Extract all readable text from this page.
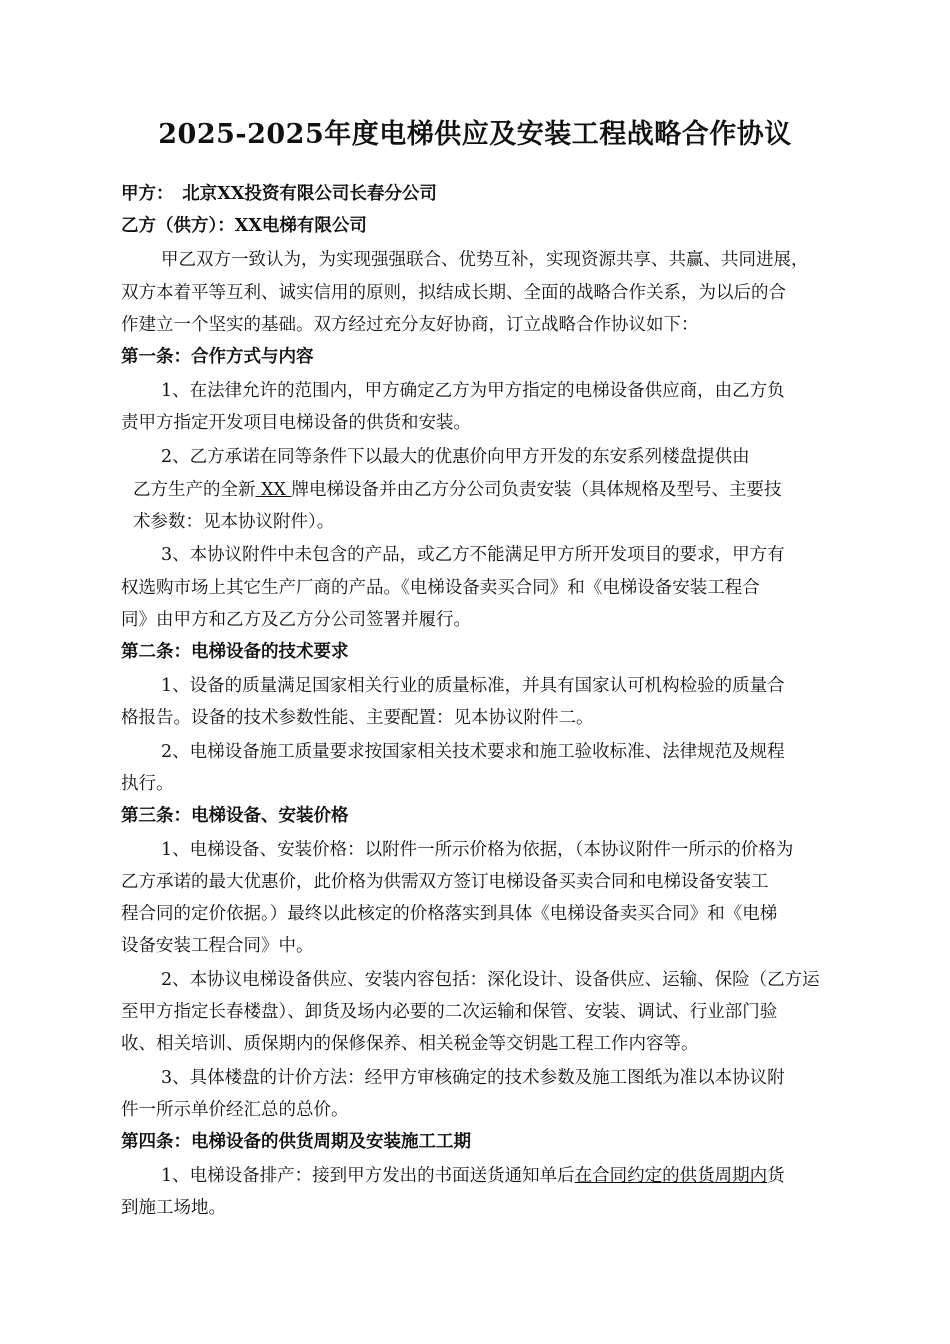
2025-2025年度电梯供应及安装工程战略合作协议
甲方：　北京XX投资有限公司长春分公司
乙方（供方）：XX电梯有限公司
甲乙双方一致认为，为实现强强联合、优势互补，实现资源共享、共赢、共同进展，
双方本着平等互利、诚实信用的原则，拟结成长期、全面的战略合作关系，为以后的合
作建立一个坚实的基础。双方经过充分友好协商，订立战略合作协议如下：
第一条：合作方式与内容
1、在法律允许的范围内，甲方确定乙方为甲方指定的电梯设备供应商，由乙方负
责甲方指定开发项目电梯设备的供货和安装。
2、乙方承诺在同等条件下以最大的优惠价向甲方开发的东安系列楼盘提供由
乙方生产的全新 XX 牌电梯设备并由乙方分公司负责安装（具体规格及型号、主要技
术参数：见本协议附件）。
3、本协议附件中未包含的产品，或乙方不能满足甲方所开发项目的要求，甲方有
权选购市场上其它生产厂商的产品。《电梯设备卖买合同》和《电梯设备安装工程合
同》由甲方和乙方及乙方分公司签署并履行。
第二条：电梯设备的技术要求
1、设备的质量满足国家相关行业的质量标准，并具有国家认可机构检验的质量合
格报告。设备的技术参数性能、主要配置：见本协议附件二。
2、电梯设备施工质量要求按国家相关技术要求和施工验收标准、法律规范及规程
执行。
第三条：电梯设备、安装价格
1、电梯设备、安装价格：以附件一所示价格为依据，（本协议附件一所示的价格为
乙方承诺的最大优惠价，此价格为供需双方签订电梯设备买卖合同和电梯设备安装工
程合同的定价依据。）最终以此核定的价格落实到具体《电梯设备卖买合同》和《电梯
设备安装工程合同》中。
2、本协议电梯设备供应、安装内容包括：深化设计、设备供应、运输、保险（乙方运
至甲方指定长春楼盘）、卸货及场内必要的二次运输和保管、安装、调试、行业部门验
收、相关培训、质保期内的保修保养、相关税金等交钥匙工程工作内容等。
3、具体楼盘的计价方法：经甲方审核确定的技术参数及施工图纸为准以本协议附
件一所示单价经汇总的总价。
第四条：电梯设备的供货周期及安装施工工期
1、电梯设备排产：接到甲方发出的书面送货通知单后在合同约定的供货周期内货
到施工场地。
